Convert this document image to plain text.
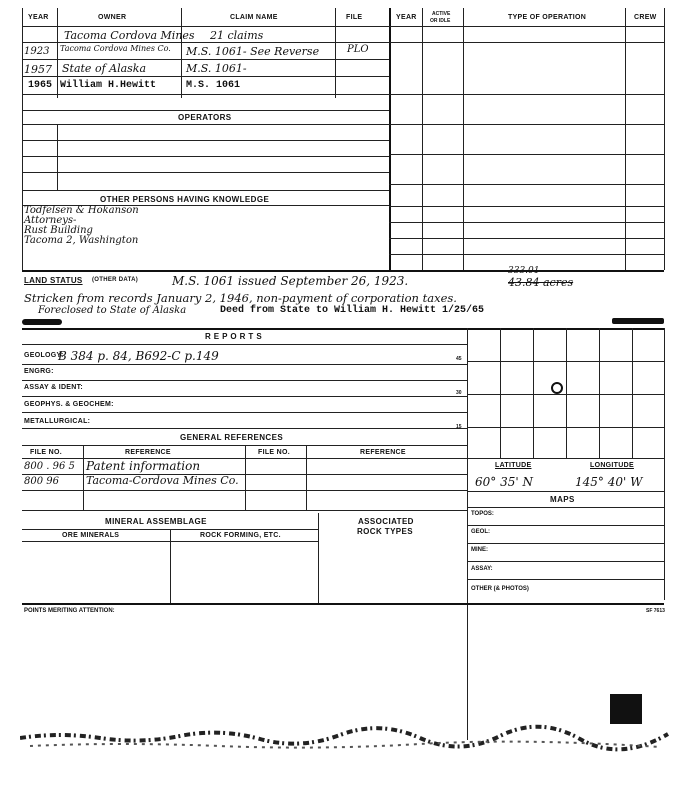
YEAR	OWNER	CLAIM NAME	FILE	YEAR	ACTIVE
OR IDLE	TYPE OF OPERATION	CREW
Tacoma Cordova Mines 21 claims
1923 Tacoma Cordova Mines Co.	M.S. 1061- See Reverse	PLO
1957 State of Alaska	M.S. 1061-
1965 William H.Hewitt	M.S. 1061
OPERATORS
OTHER PERSONS HAVING KNOWLEDGE
Todfelsen & Hokanson
Attorneys-
Rust Building
Tacoma 2, Washington
LAND STATUS (OTHER DATA)	M.S. 1061 issued September 26, 1923.
333.01
43.84 acres
Stricken from records January 2, 1946, non-payment of corporation taxes.
Foreclosed to State of Alaska	Deed from State to William H. Hewitt 1/25/65
R E P O R T S
GEOLOGY:
B 384 p. 84, B692-C p.149
ENGRG:
ASSAY & IDENT:
GEOPHYS. & GEOCHEM:
METALLURGICAL:
45
30
15
LATITUDE	LONGITUDE
60° 35' N	145° 40' W
MAPS
TOPOS:
GEOL:
MINE:
ASSAY:
OTHER (& PHOTOS)
GENERAL REFERENCES
FILE NO.	REFERENCE	FILE NO.	REFERENCE
800 . 96 5 Patent information
800 96 Tacoma-Cordova Mines Co.
MINERAL ASSEMBLAGE
ORE MINERALS	ROCK FORMING, ETC.
ASSOCIATED
ROCK TYPES
POINTS MERITING ATTENTION:	SF 7613
